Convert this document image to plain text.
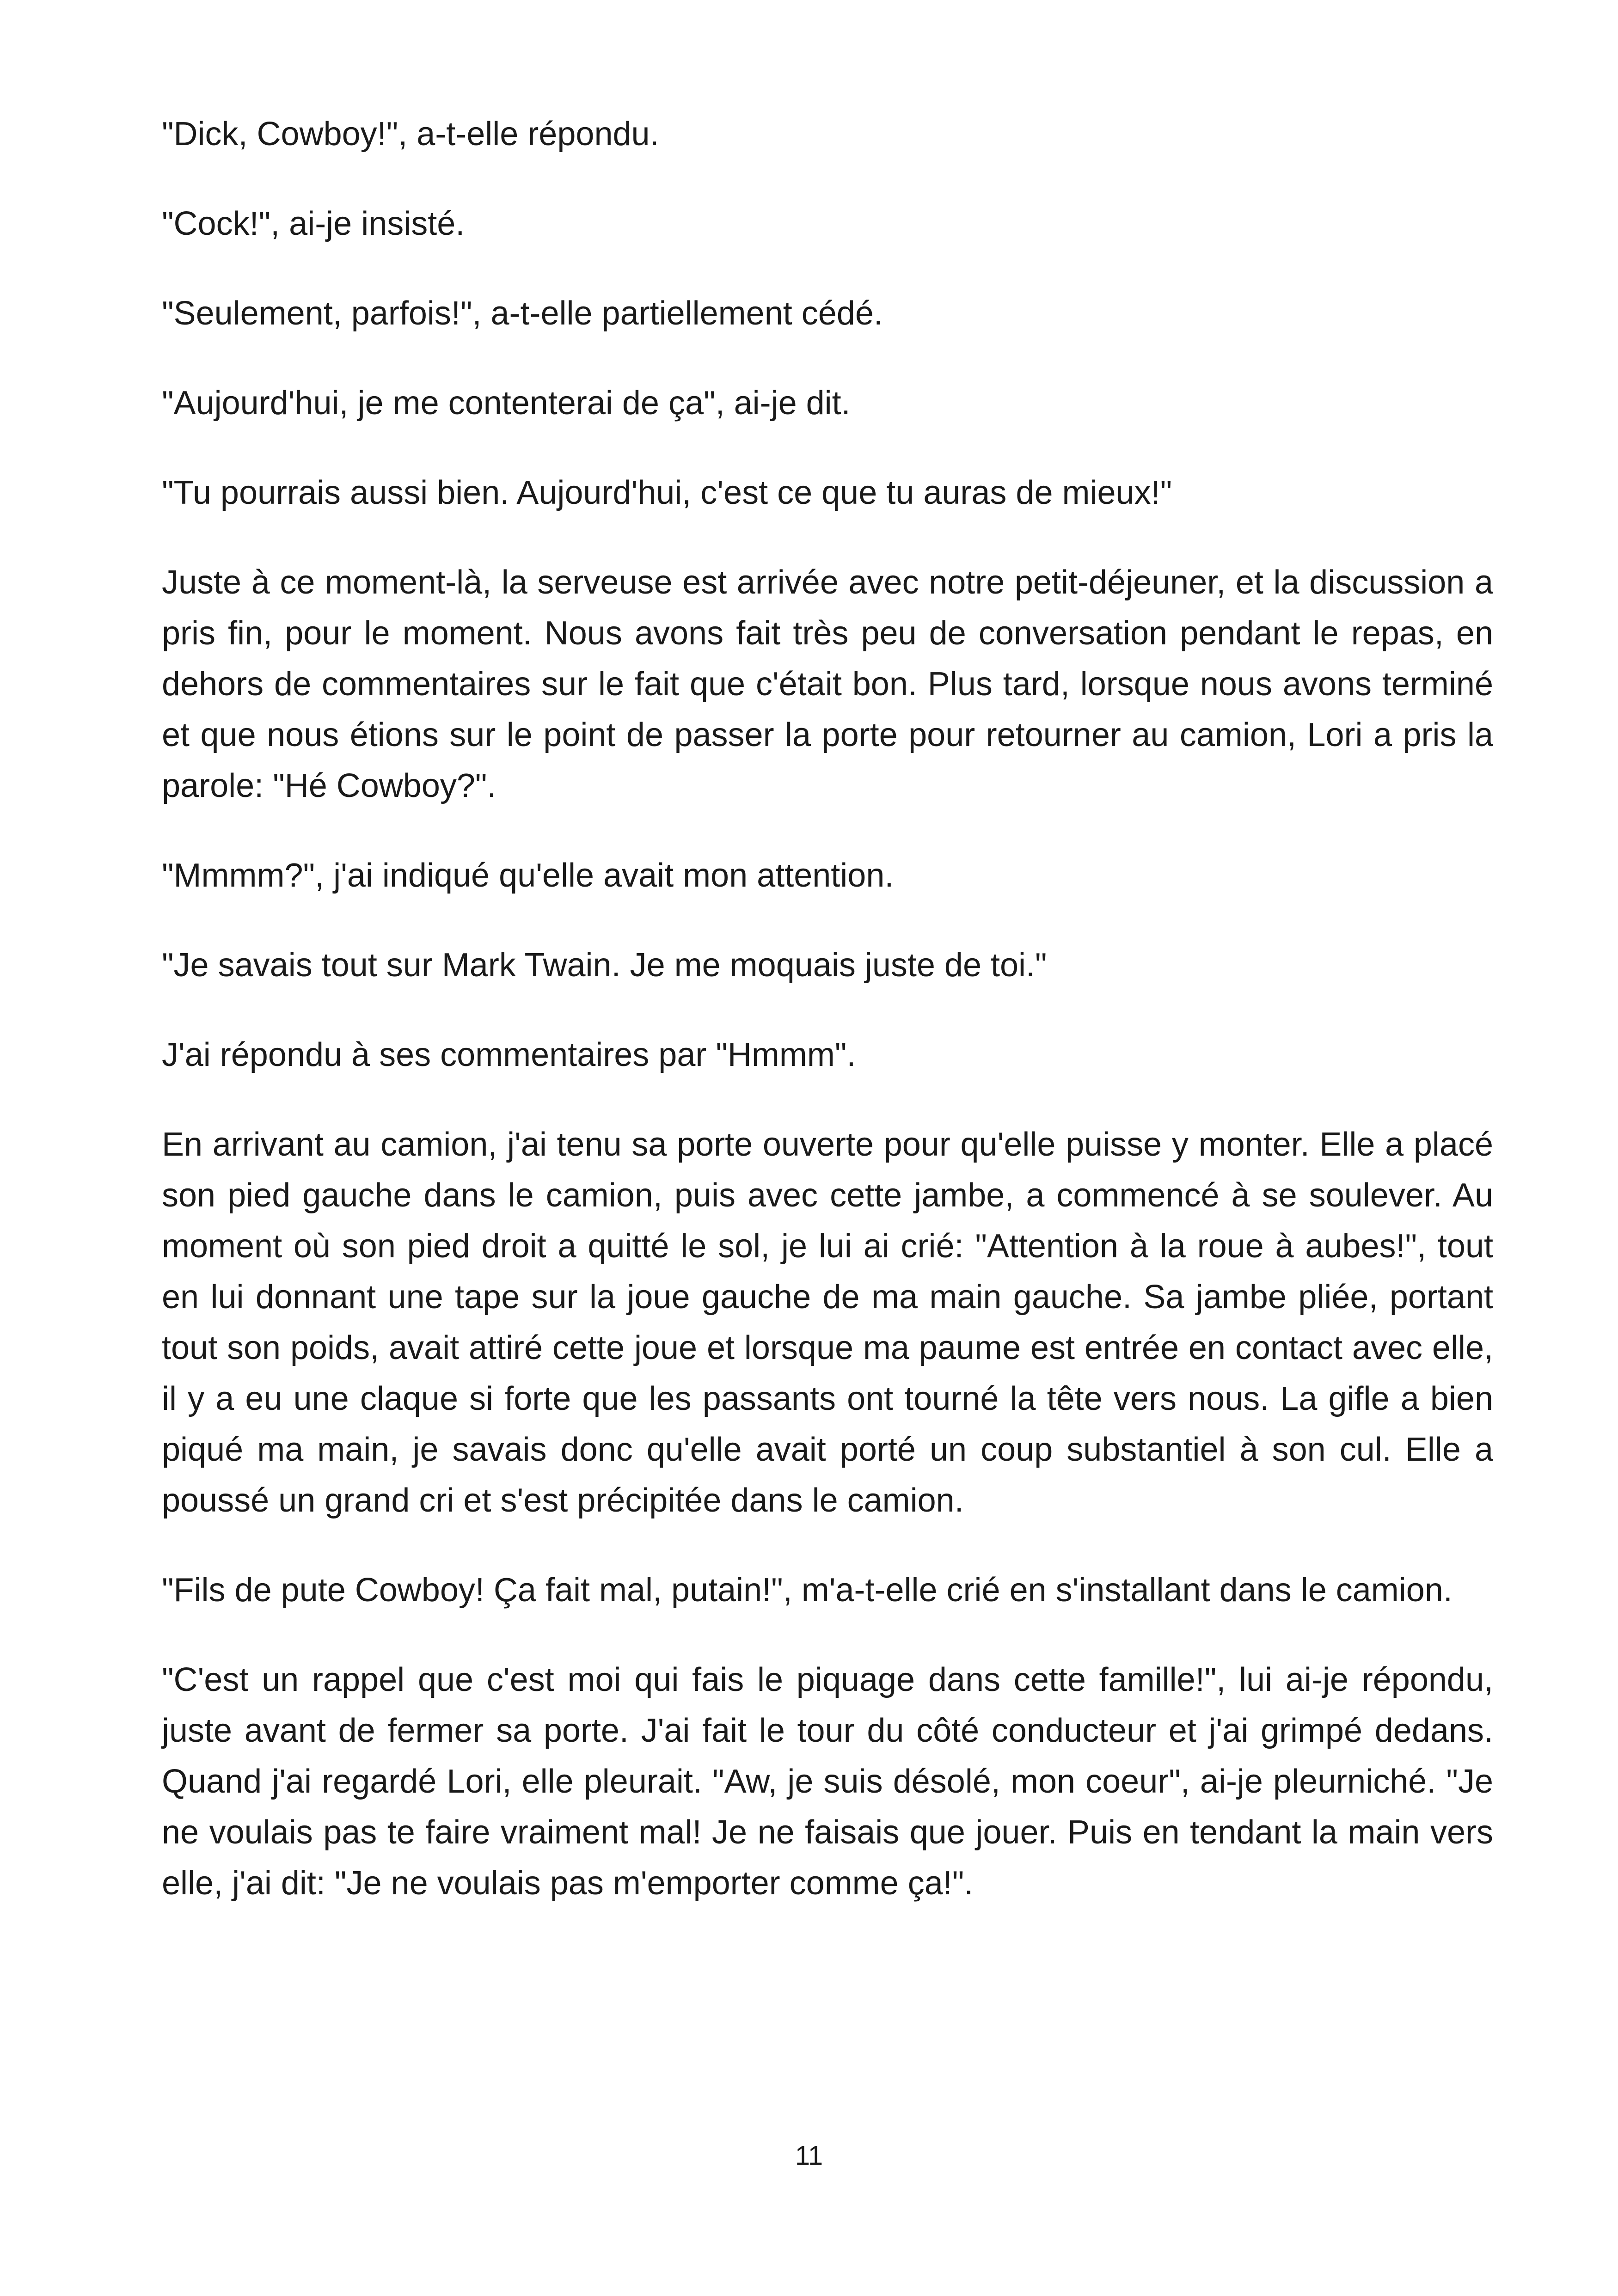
"Dick, Cowboy!", a-t-elle répondu.

"Cock!", ai-je insisté.

"Seulement, parfois!", a-t-elle partiellement cédé.

"Aujourd'hui, je me contenterai de ça", ai-je dit.

"Tu pourrais aussi bien. Aujourd'hui, c'est ce que tu auras de mieux!"

Juste à ce moment-là, la serveuse est arrivée avec notre petit-déjeuner, et la discussion a pris fin, pour le moment. Nous avons fait très peu de conversation pendant le repas, en dehors de commentaires sur le fait que c'était bon. Plus tard, lorsque nous avons terminé et que nous étions sur le point de passer la porte pour retourner au camion, Lori a pris la parole: "Hé Cowboy?".

"Mmmm?", j'ai indiqué qu'elle avait mon attention.

"Je savais tout sur Mark Twain. Je me moquais juste de toi."

J'ai répondu à ses commentaires par "Hmmm".

En arrivant au camion, j'ai tenu sa porte ouverte pour qu'elle puisse y monter. Elle a placé son pied gauche dans le camion, puis avec cette jambe, a commencé à se soulever. Au moment où son pied droit a quitté le sol, je lui ai crié: "Attention à la roue à aubes!", tout en lui donnant une tape sur la joue gauche de ma main gauche. Sa jambe pliée, portant tout son poids, avait attiré cette joue et lorsque ma paume est entrée en contact avec elle, il y a eu une claque si forte que les passants ont tourné la tête vers nous. La gifle a bien piqué ma main, je savais donc qu'elle avait porté un coup substantiel à son cul. Elle a poussé un grand cri et s'est précipitée dans le camion.

"Fils de pute Cowboy! Ça fait mal, putain!", m'a-t-elle crié en s'installant dans le camion.

"C'est un rappel que c'est moi qui fais le piquage dans cette famille!", lui ai-je répondu, juste avant de fermer sa porte. J'ai fait le tour du côté conducteur et j'ai grimpé dedans. Quand j'ai regardé Lori, elle pleurait. "Aw, je suis désolé, mon coeur", ai-je pleurniché. "Je ne voulais pas te faire vraiment mal! Je ne faisais que jouer. Puis en tendant la main vers elle, j'ai dit: "Je ne voulais pas m'emporter comme ça!".

11
